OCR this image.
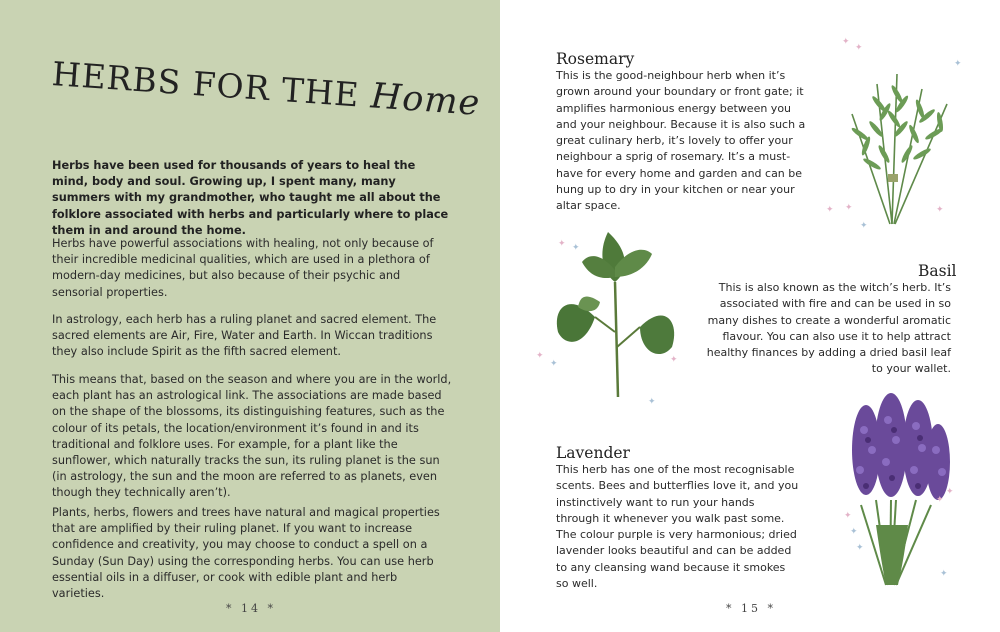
HERBS FOR THE Home

Herbs have been used for thousands of years to heal the mind, body and soul. Growing up, I spent many, many summers with my grandmother, who taught me all about the folklore associated with herbs and particularly where to place them in and around the home.

Herbs have powerful associations with healing, not only because of their incredible medicinal qualities, which are used in a plethora of modern-day medicines, but also because of their psychic and sensorial properties.

In astrology, each herb has a ruling planet and sacred element. The sacred elements are Air, Fire, Water and Earth. In Wiccan traditions they also include Spirit as the fifth sacred element.

This means that, based on the season and where you are in the world, each plant has an astrological link. The associations are made based on the shape of the blossoms, its distinguishing features, such as the colour of its petals, the location/environment it’s found in and its traditional and folklore uses. For example, for a plant like the sunflower, which naturally tracks the sun, its ruling planet is the sun (in astrology, the sun and the moon are referred to as planets, even though they technically aren’t).

Plants, herbs, flowers and trees have natural and magical properties that are amplified by their ruling planet. If you want to increase confidence and creativity, you may choose to conduct a spell on a Sunday (Sun Day) using the corresponding herbs. You can use herb essential oils in a diffuser, or cook with edible plant and herb varieties.

* 14 *
Rosemary

This is the good-neighbour herb when it’s grown around your boundary or front gate; it amplifies harmonious energy between you and your neighbour. Because it is also such a great culinary herb, it’s lovely to offer your neighbour a sprig of rosemary. It’s a must-have for every home and garden and can be hung up to dry in your kitchen or near your altar space.

✦
✦
✦
✦ ✦
✦
✦
✦ ✦
✦
✦	✦
✦
Basil

This is also known as the witch’s herb. It’s associated with fire and can be used in so many dishes to create a wonderful aromatic flavour. You can also use it to help attract healthy finances by adding a dried basil leaf to your wallet.

Lavender

This herb has one of the most recognisable scents. Bees and butterflies love it, and you instinctively want to run your hands through it whenever you walk past some. The colour purple is very harmonious; dried lavender looks beautiful and can be added to any cleansing wand because it smokes so well.

✦
✦
✦
✦
✦
✦
* 15 *
